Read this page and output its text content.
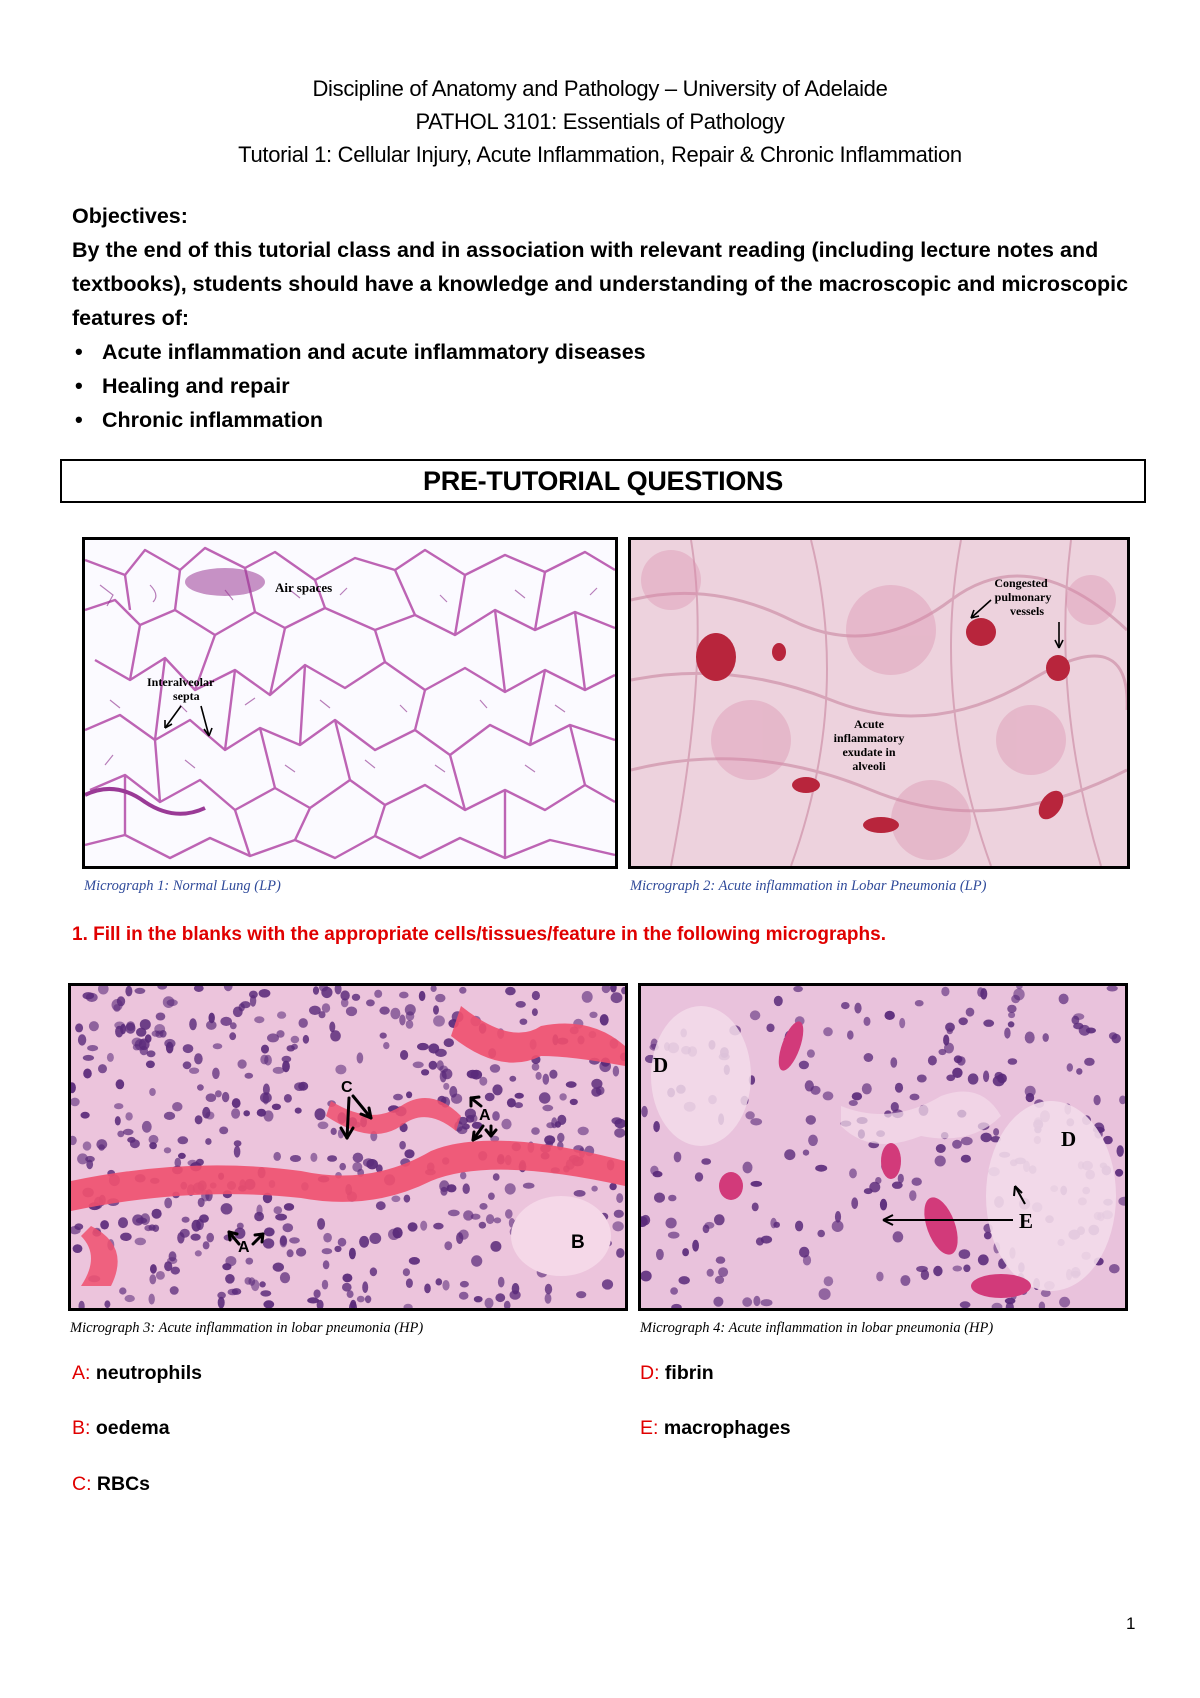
Discipline of Anatomy and Pathology – University of Adelaide
PATHOL 3101: Essentials of Pathology
Tutorial 1: Cellular Injury, Acute Inflammation, Repair & Chronic Inflammation

Objectives:

By the end of this tutorial class and in association with relevant reading (including lecture notes and textbooks), students should have a knowledge and understanding of the macroscopic and microscopic features of:

• Acute inflammation and acute inflammatory diseases
• Healing and repair
• Chronic inflammation
PRE-TUTORIAL QUESTIONS
Air spaces
Interalveolar
septa
Congested
pulmonary
vessels
Acute
inflammatory
exudate in
alveoli
Micrograph 1: Normal Lung (LP)	Micrograph 2: Acute inflammation in Lobar Pneumonia (LP)
1. Fill in the blanks with the appropriate cells/tissues/feature in the following micrographs.
C
A
A	B
D
D
E
Micrograph 3: Acute inflammation in lobar pneumonia (HP)	Micrograph 4: Acute inflammation in lobar pneumonia (HP)
A: neutrophils
B: oedema
C: RBCs
D: fibrin
E: macrophages
1
